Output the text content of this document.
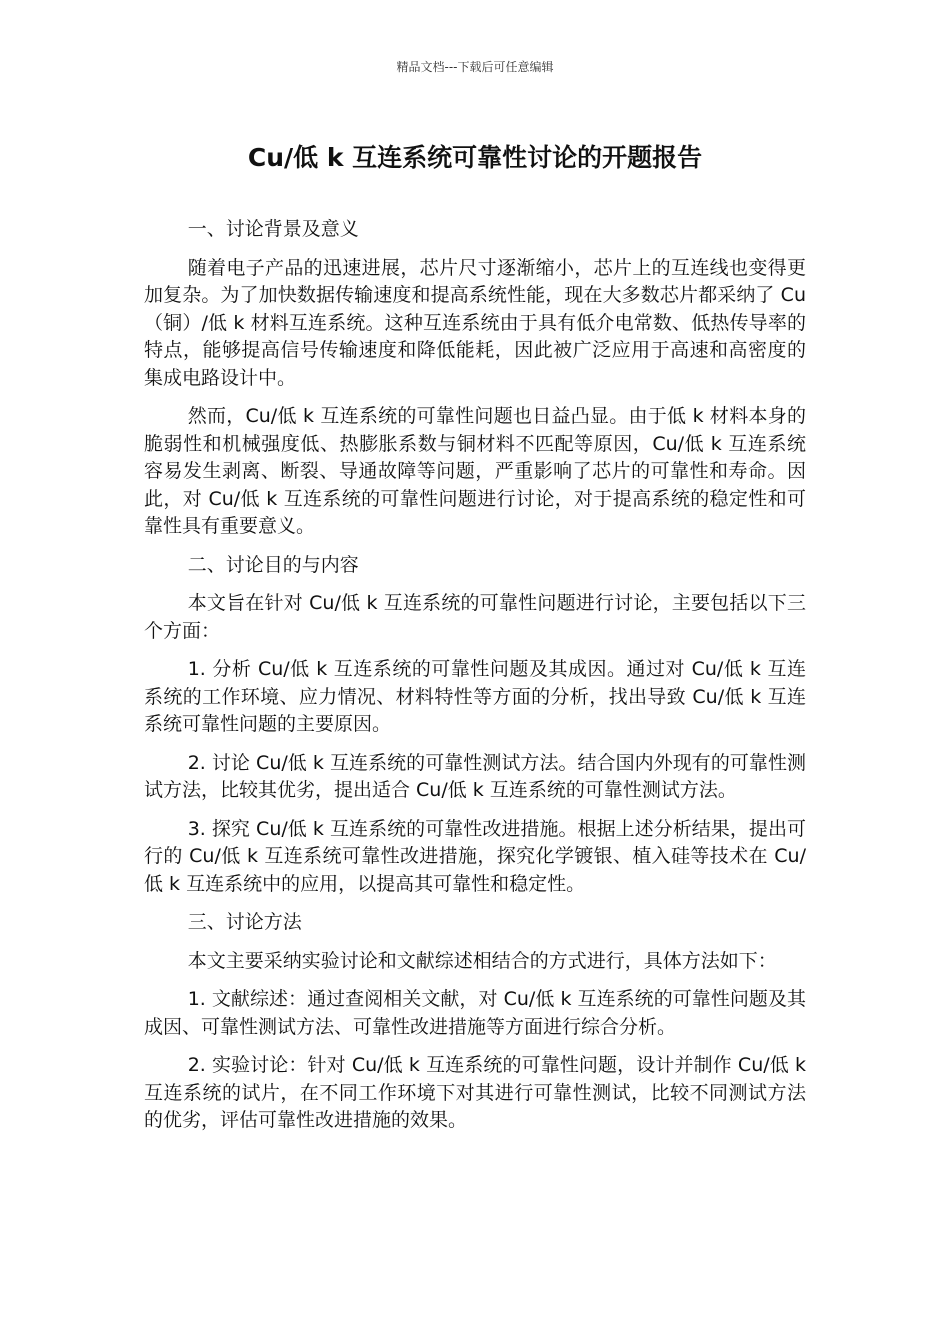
精品文档---下载后可任意编辑
Cu/低 k 互连系统可靠性讨论的开题报告

一、讨论背景及意义

随着电子产品的迅速进展，芯片尺寸逐渐缩小，芯片上的互连线也变得更加复杂。为了加快数据传输速度和提高系统性能，现在大多数芯片都采纳了 Cu（铜）/低 k 材料互连系统。这种互连系统由于具有低介电常数、低热传导率的特点，能够提高信号传输速度和降低能耗，因此被广泛应用于高速和高密度的集成电路设计中。

然而，Cu/低 k 互连系统的可靠性问题也日益凸显。由于低 k 材料本身的脆弱性和机械强度低、热膨胀系数与铜材料不匹配等原因，Cu/低 k 互连系统容易发生剥离、断裂、导通故障等问题，严重影响了芯片的可靠性和寿命。因此，对 Cu/低 k 互连系统的可靠性问题进行讨论，对于提高系统的稳定性和可靠性具有重要意义。

二、讨论目的与内容

本文旨在针对 Cu/低 k 互连系统的可靠性问题进行讨论，主要包括以下三个方面：

1. 分析 Cu/低 k 互连系统的可靠性问题及其成因。通过对 Cu/低 k 互连系统的工作环境、应力情况、材料特性等方面的分析，找出导致 Cu/低 k 互连系统可靠性问题的主要原因。

2. 讨论 Cu/低 k 互连系统的可靠性测试方法。结合国内外现有的可靠性测试方法，比较其优劣，提出适合 Cu/低 k 互连系统的可靠性测试方法。

3. 探究 Cu/低 k 互连系统的可靠性改进措施。根据上述分析结果，提出可行的 Cu/低 k 互连系统可靠性改进措施，探究化学镀银、植入硅等技术在 Cu/低 k 互连系统中的应用，以提高其可靠性和稳定性。

三、讨论方法

本文主要采纳实验讨论和文献综述相结合的方式进行，具体方法如下：

1. 文献综述：通过查阅相关文献，对 Cu/低 k 互连系统的可靠性问题及其成因、可靠性测试方法、可靠性改进措施等方面进行综合分析。

2. 实验讨论：针对 Cu/低 k 互连系统的可靠性问题，设计并制作 Cu/低 k 互连系统的试片，在不同工作环境下对其进行可靠性测试，比较不同测试方法的优劣，评估可靠性改进措施的效果。
